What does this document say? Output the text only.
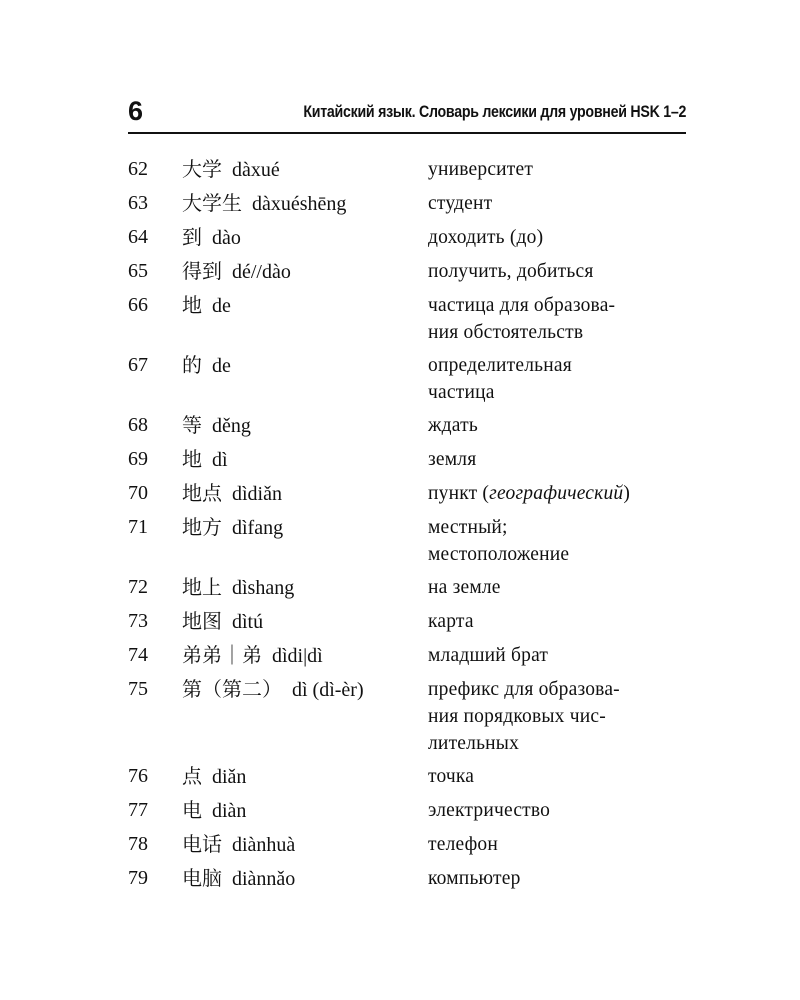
6	Китайский язык. Словарь лексики для уровней HSK 1–2
62	大学 dàxué	университет
63	大学生 dàxuéshēng	студент
64	到 dào	доходить (до)
65	得到 dé//dào	получить, добиться
66	地 de	частица для образова-
ния обстоятельств
67	的 de	определительная
частица
68	等 děng	ждать
69	地 dì	земля
70	地点 dìdiǎn	пункт (географический)
71	地方 dìfang	местный;
местоположение
72	地上 dìshang	на земле
73	地图 dìtú	карта
74	弟弟｜弟 dìdi|dì	младший брат
75	第（第二） dì (dì-èr)	префикс для образова-
ния порядковых чис-
лительных
76	点 diǎn	точка
77	电 diàn	электричество
78	电话 diànhuà	телефон
79	电脑 diànnǎo	компьютер
